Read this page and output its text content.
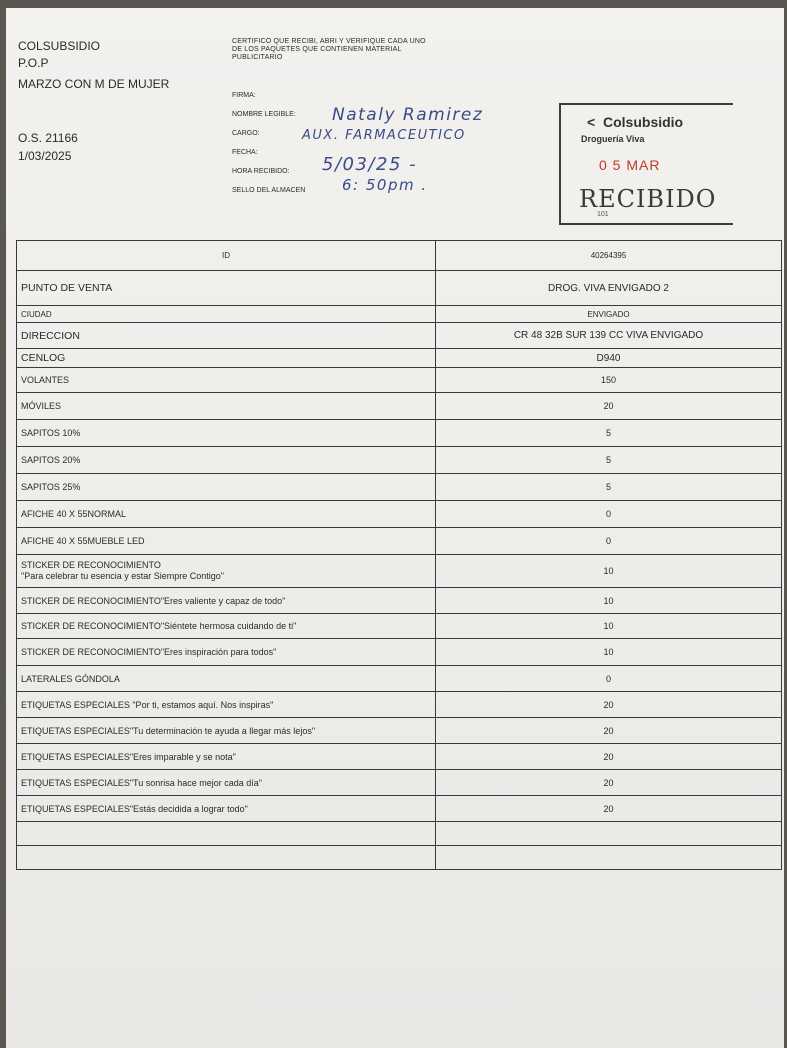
COLSUBSIDIO
P.O.P
MARZO CON M DE MUJER
O.S. 21166
1/03/2025
CERTIFICO QUE RECIBI, ABRI Y VERIFIQUE CADA UNO DE LOS PAQUETES QUE CONTIENEN MATERIAL PUBLICITARIO
FIRMA:
NOMBRE LEGIBLE:
CARGO:
FECHA:
HORA RECIBIDO:
SELLO DEL ALMACEN
Nataly Ramirez
AUX. FARMACEUTICO
5/03/25 -
6: 50pm .
< Colsubsidio
Droguería Viva
0 5 MAR
RECIBIDO
101
ID	40264395

PUNTO DE VENTA	DROG. VIVA ENVIGADO 2
CIUDAD	ENVIGADO
DIRECCION	CR 48 32B SUR 139 CC VIVA ENVIGADO
CENLOG	D940
VOLANTES	150
MÓVILES	20
SAPITOS 10%	5
SAPITOS 20%	5
SAPITOS 25%	5
AFICHE 40 X 55NORMAL	0
AFICHE 40 X 55MUEBLE LED	0
STICKER DE RECONOCIMIENTO
"Para celebrar tu esencia y estar Siempre Contigo"	10
STICKER DE RECONOCIMIENTO"Eres valiente y capaz de todo"	10
STICKER DE RECONOCIMIENTO"Siéntete hermosa cuidando de ti"	10
STICKER DE RECONOCIMIENTO"Eres inspiración para todos"	10
LATERALES GÓNDOLA	0
ETIQUETAS ESPECIALES "Por ti, estamos aquí. Nos inspiras"	20
ETIQUETAS ESPECIALES"Tu determinación te ayuda a llegar más lejos"	20
ETIQUETAS ESPECIALES"Eres imparable y se nota"	20
ETIQUETAS ESPECIALES"Tu sonrisa hace mejor cada día"	20
ETIQUETAS ESPECIALES"Estás decidida a lograr todo"	20
